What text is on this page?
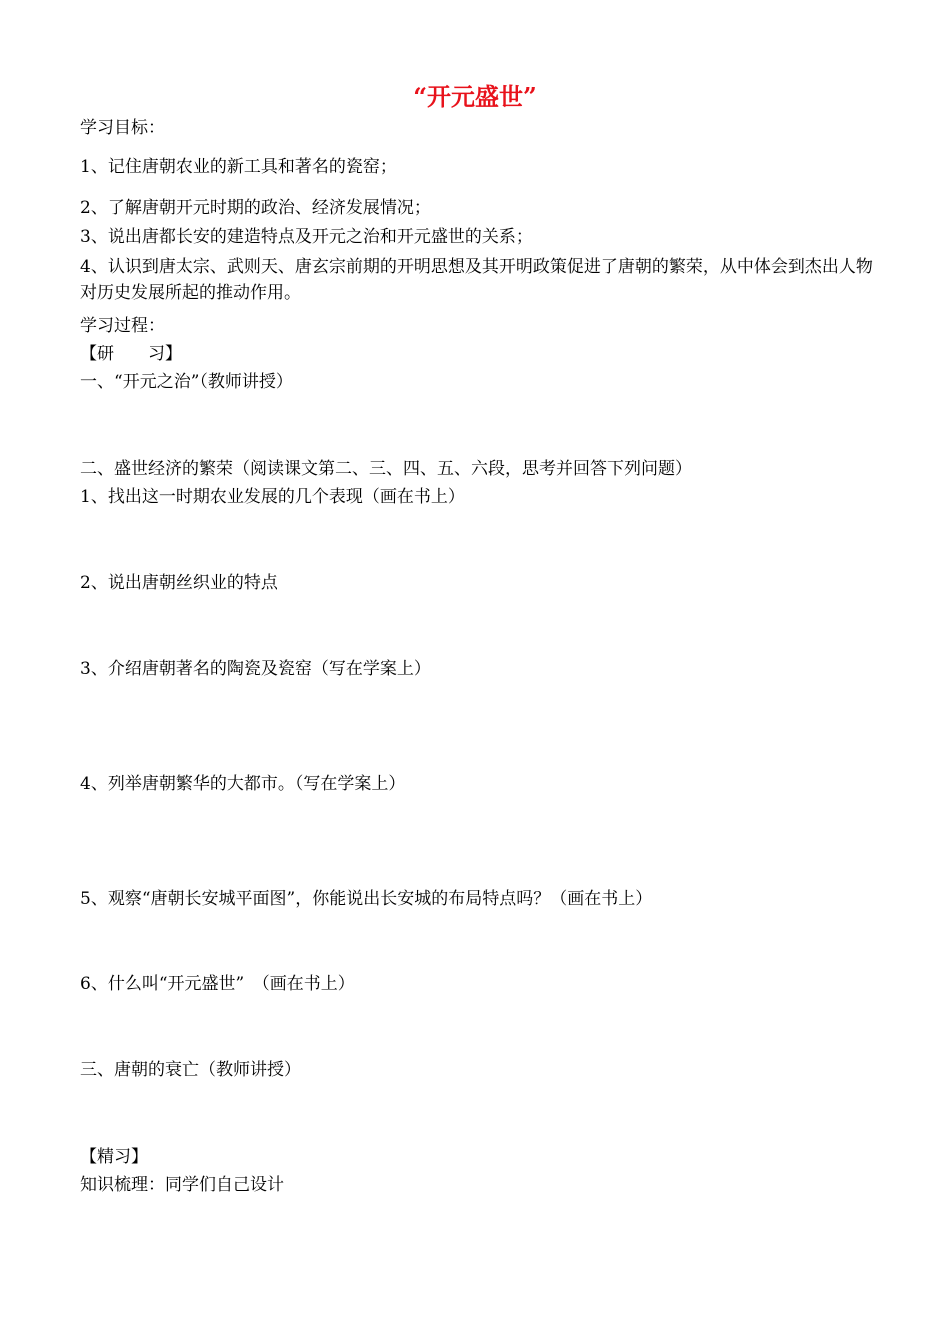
“开元盛世”
学习目标：
1、记住唐朝农业的新工具和著名的瓷窑；
2、了解唐朝开元时期的政治、经济发展情况；
3、说出唐都长安的建造特点及开元之治和开元盛世的关系；
4、认识到唐太宗、武则天、唐玄宗前期的开明思想及其开明政策促进了唐朝的繁荣，从中体会到杰出人物对历史发展所起的推动作用。
学习过程：
【研　　习】
一、“开元之治”（教师讲授）
二、盛世经济的繁荣（阅读课文第二、三、四、五、六段，思考并回答下列问题）
1、找出这一时期农业发展的几个表现（画在书上）
2、说出唐朝丝织业的特点
3、介绍唐朝著名的陶瓷及瓷窑（写在学案上）
4、列举唐朝繁华的大都市。（写在学案上）
5、观察“唐朝长安城平面图”，你能说出长安城的布局特点吗？（画在书上）
6、什么叫“开元盛世”　（画在书上）
三、唐朝的衰亡（教师讲授）
【精习】
知识梳理：同学们自己设计
